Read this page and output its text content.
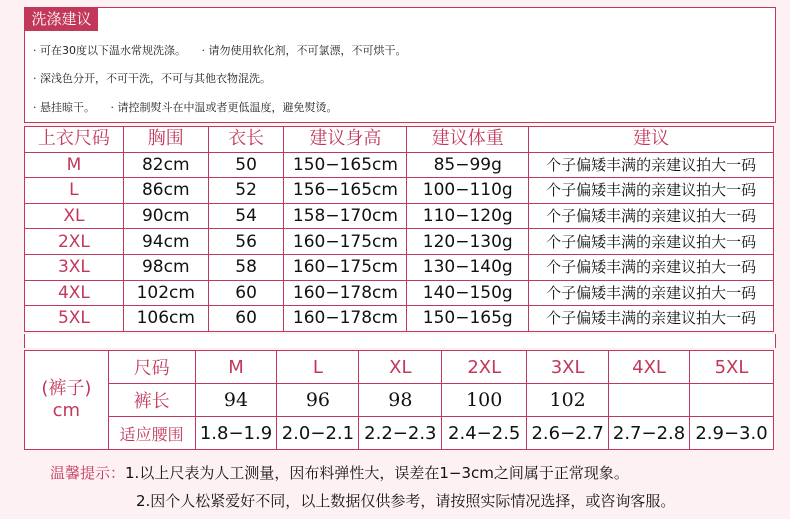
洗涤建议
· 可在30度以下温水常规洗涤。 · 请勿使用软化剂，不可氯漂，不可烘干。
· 深浅色分开，不可干洗，不可与其他衣物混洗。
· 悬挂晾干。 · 请控制熨斗在中温或者更低温度，避免熨烫。
上衣尺码	胸围	衣长	建议身高	建议体重	建议
M	82cm	50	150−165cm	85−99g	个子偏矮丰满的亲建议拍大一码
L	86cm	52	156−165cm	100−110g	个子偏矮丰满的亲建议拍大一码
XL	90cm	54	158−170cm	110−120g	个子偏矮丰满的亲建议拍大一码
2XL	94cm	56	160−175cm	120−130g	个子偏矮丰满的亲建议拍大一码
3XL	98cm	58	160−175cm	130−140g	个子偏矮丰满的亲建议拍大一码
4XL	102cm	60	160−178cm	140−150g	个子偏矮丰满的亲建议拍大一码
5XL	106cm	60	160−178cm	150−165g	个子偏矮丰满的亲建议拍大一码
(裤子)
cm	尺码	M	L	XL	2XL	3XL	4XL	5XL
	裤长	94	96	98	100	102		
	适应腰围	1.8−1.9	2.0−2.1	2.2−2.3	2.4−2.5	2.6−2.7	2.7−2.8	2.9−3.0
温馨提示：1.以上尺表为人工测量，因布料弹性大，误差在1−3cm之间属于正常现象。
2.因个人松紧爱好不同，以上数据仅供参考，请按照实际情况选择，或咨询客服。
